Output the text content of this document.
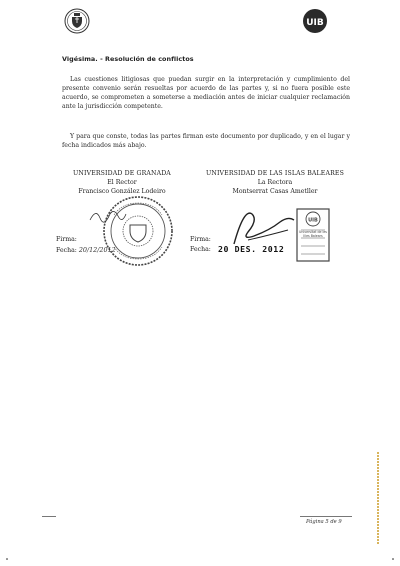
UIB
Vigésima. - Resolución de conflictos
Las cuestiones litigiosas que puedan surgir en la interpretación y cumplimiento del presente convenio serán resueltas por acuerdo de las partes y, si no fuera posible este acuerdo, se comprometen a someterse a mediación antes de iniciar cualquier reclamación ante la jurisdicción competente.
Y para que conste, todas las partes firman este documento por duplicado, y en el lugar y fecha indicados más abajo.
UNIVERSIDAD DE GRANADA
El Rector
Francisco González Lodeiro
Firma:
Fecha: 20/12/2012
UNIVERSIDAD DE LAS ISLAS BALEARES
La Rectora
Montserrat Casas Ametller
UIB
Universitat de les Illes Balears
Firma:
Fecha: 20 DES. 2012
Página 5 de 9
